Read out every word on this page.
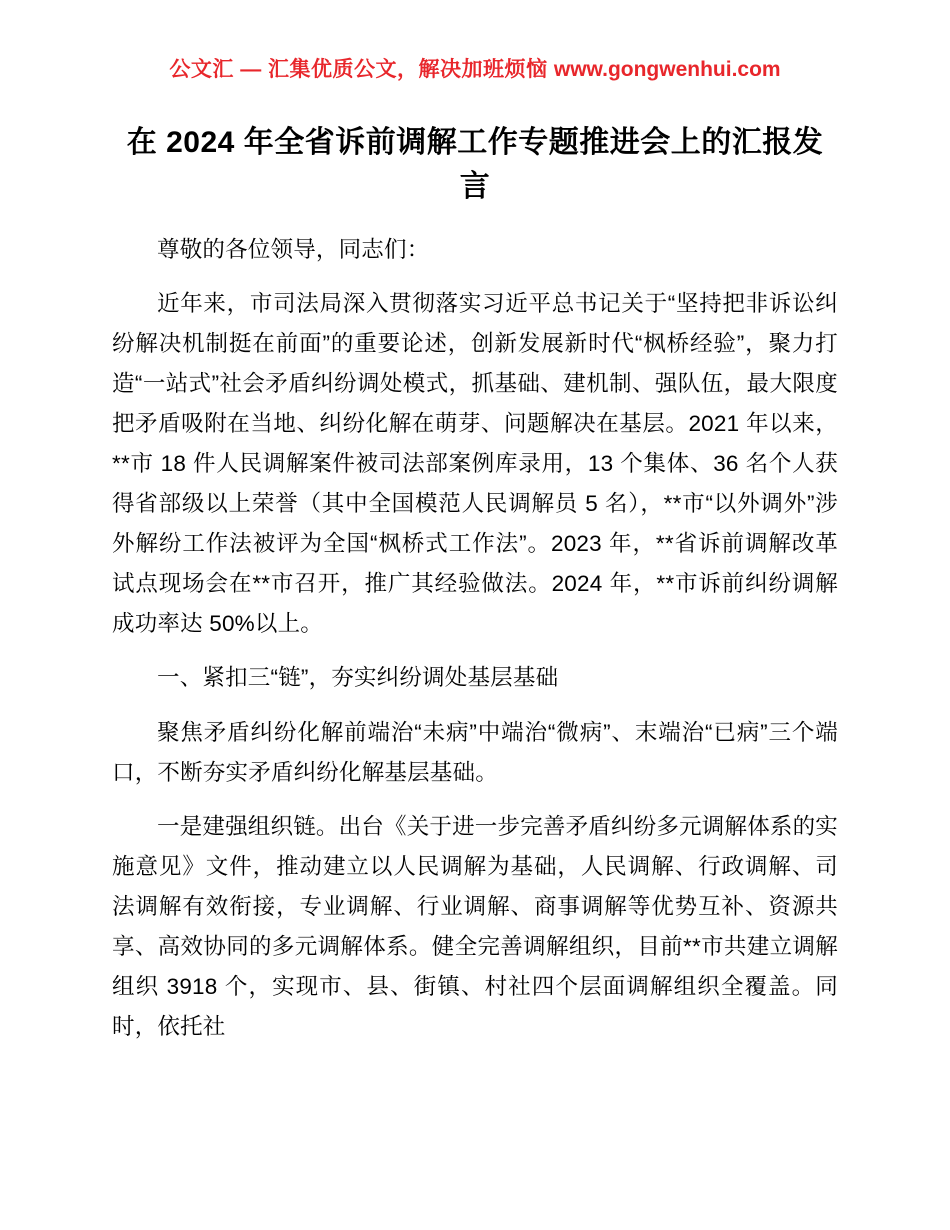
公文汇 — 汇集优质公文，解决加班烦恼 www.gongwenhui.com
在 2024 年全省诉前调解工作专题推进会上的汇报发言

尊敬的各位领导，同志们：

近年来，市司法局深入贯彻落实习近平总书记关于“坚持把非诉讼纠纷解决机制挺在前面”的重要论述，创新发展新时代“枫桥经验”，聚力打造“一站式”社会矛盾纠纷调处模式，抓基础、建机制、强队伍，最大限度把矛盾吸附在当地、纠纷化解在萌芽、问题解决在基层。2021 年以来，**市 18 件人民调解案件被司法部案例库录用，13 个集体、36 名个人获得省部级以上荣誉（其中全国模范人民调解员 5 名），**市“以外调外”涉外解纷工作法被评为全国“枫桥式工作法”。2023 年，**省诉前调解改革试点现场会在**市召开，推广其经验做法。2024 年，**市诉前纠纷调解成功率达 50%以上。

一、紧扣三“链”，夯实纠纷调处基层基础

聚焦矛盾纠纷化解前端治“未病”中端治“微病”、末端治“已病”三个端口，不断夯实矛盾纠纷化解基层基础。

一是建强组织链。出台《关于进一步完善矛盾纠纷多元调解体系的实施意见》文件，推动建立以人民调解为基础，人民调解、行政调解、司法调解有效衔接，专业调解、行业调解、商事调解等优势互补、资源共享、高效协同的多元调解体系。健全完善调解组织，目前**市共建立调解组织 3918 个，实现市、县、街镇、村社四个层面调解组织全覆盖。同时，依托社
